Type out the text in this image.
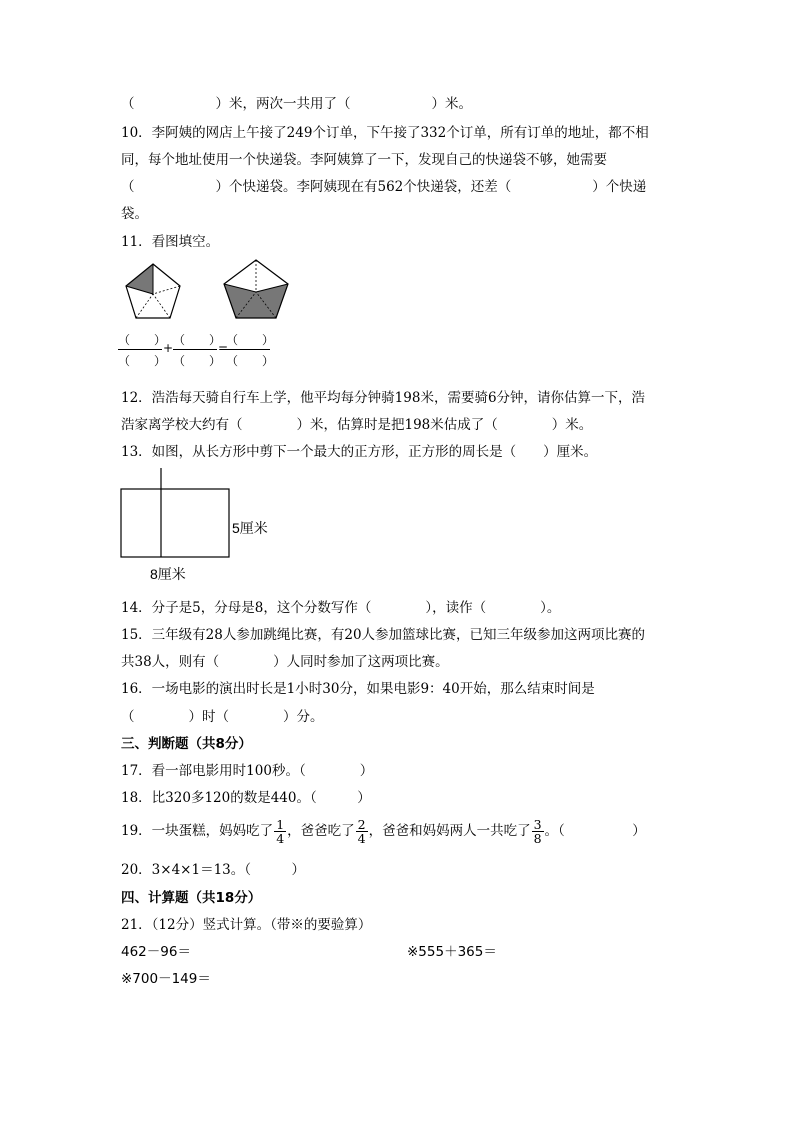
（　　　　　　）米，两次一共用了（　　　　　　）米。
10．李阿姨的网店上午接了249个订单，下午接了332个订单，所有订单的地址，都不相
同，每个地址使用一个快递袋。李阿姨算了一下，发现自己的快递袋不够，她需要
（　　　　　　）个快递袋。李阿姨现在有562个快递袋，还差（　　　　　　）个快递
袋。
11．看图填空。
（　　）
（　　）
+
（　　）
（　　）
=
（　　）
（　　）
12．浩浩每天骑自行车上学，他平均每分钟骑198米，需要骑6分钟，请你估算一下，浩
浩家离学校大约有（　　　　）米，估算时是把198米估成了（　　　　）米。
13．如图，从长方形中剪下一个最大的正方形，正方形的周长是（　　）厘米。
5厘米
8厘米
14．分子是5，分母是8，这个分数写作（　　　　），读作（　　　　）。
15．三年级有28人参加跳绳比赛，有20人参加篮球比赛，已知三年级参加这两项比赛的
共38人，则有（　　　　）人同时参加了这两项比赛。
16．一场电影的演出时长是1小时30分，如果电影9：40开始，那么结束时间是
（　　　　）时（　　　　）分。
三、判断题（共8分）
17．看一部电影用时100秒。（　　　　）
18．比320多120的数是440。（　　　）
19．一块蛋糕，妈妈吃了 $\frac{1}{4}$ ，爸爸吃了 $\frac{2}{4}$ ，爸爸和妈妈两人一共吃了 $\frac{3}{8}$ 。（　　　　　）
20．3×4×1＝13。（　　　）
四、计算题（共18分）
21．（12分）竖式计算。（带※的要验算）
462－96＝	※555＋365＝
※700－149＝
